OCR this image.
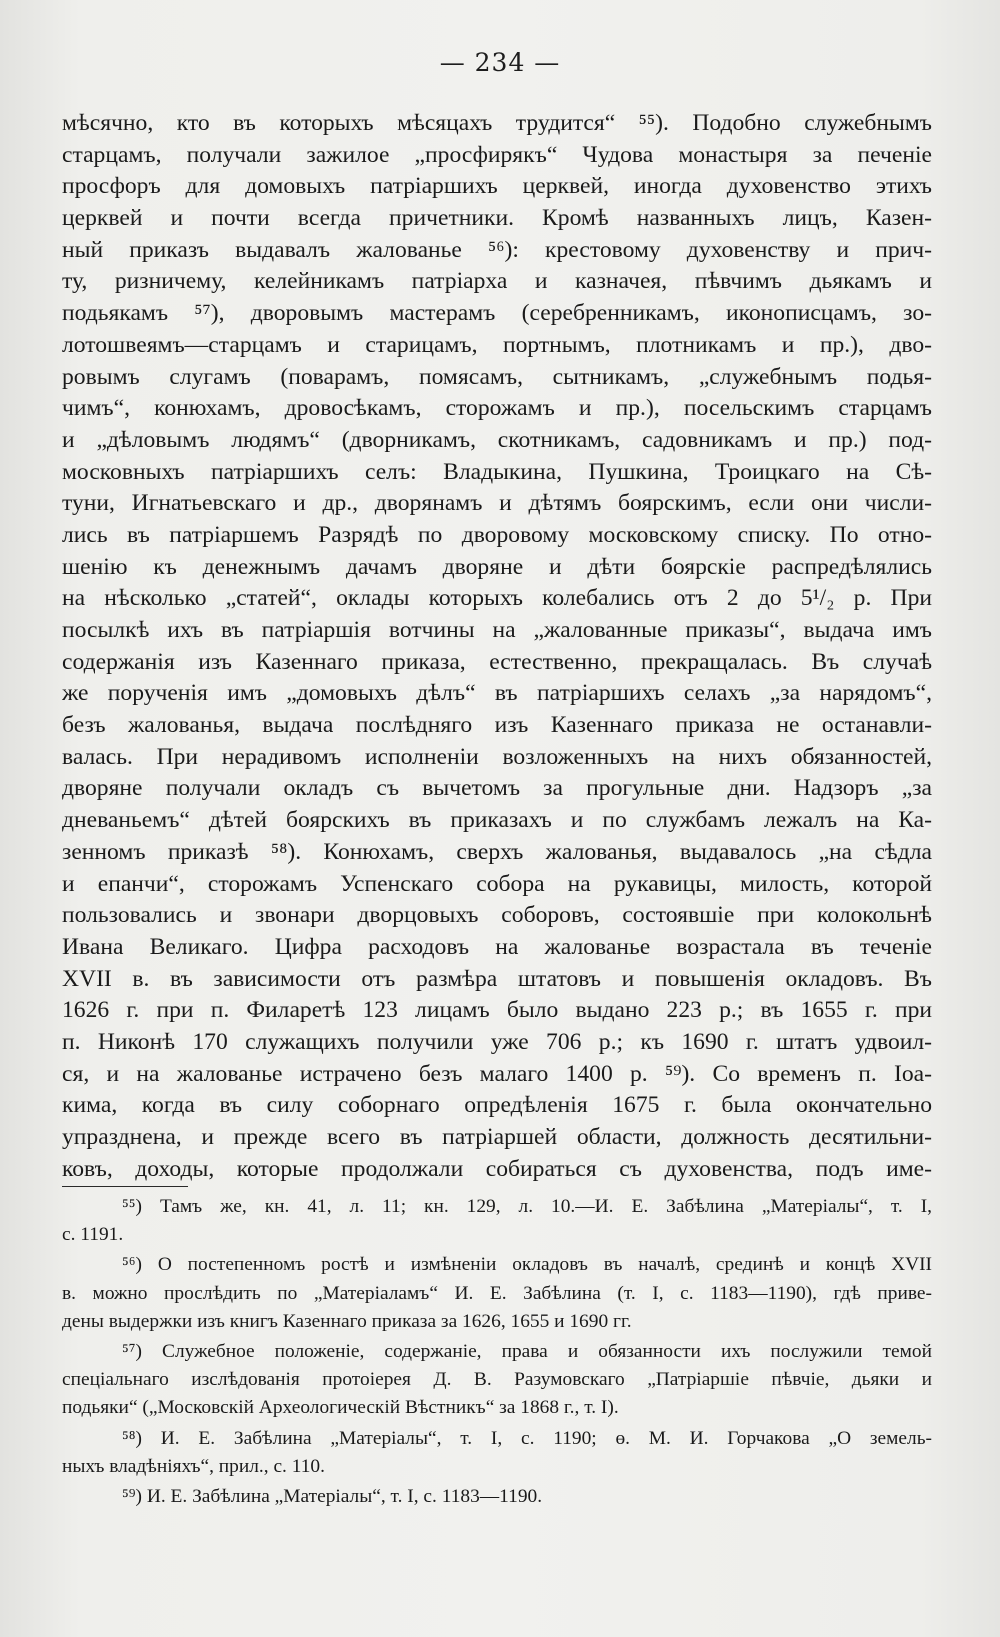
— 234 —
мѣсячно, кто въ которыхъ мѣсяцахъ трудится“ ⁵⁵). Подобно служебнымъ
старцамъ, получали зажилое „просфирякъ“ Чудова монастыря за печеніе
просфоръ для домовыхъ патріаршихъ церквей, иногда духовенство этихъ
церквей и почти всегда причетники. Кромѣ названныхъ лицъ, Казен-
ный приказъ выдавалъ жалованье ⁵⁶): крестовому духовенству и прич-
ту, ризничему, келейникамъ патріарха и казначея, пѣвчимъ дьякамъ и
подьякамъ ⁵⁷), дворовымъ мастерамъ (серебренникамъ, иконописцамъ, зо-
лотошвеямъ—старцамъ и старицамъ, портнымъ, плотникамъ и пр.), дво-
ровымъ слугамъ (поварамъ, помясамъ, сытникамъ, „служебнымъ подья-
чимъ“, конюхамъ, дровосѣкамъ, сторожамъ и пр.), посельскимъ старцамъ
и „дѣловымъ людямъ“ (дворникамъ, скотникамъ, садовникамъ и пр.) под-
московныхъ патріаршихъ селъ: Владыкина, Пушкина, Троицкаго на Сѣ-
туни, Игнатьевскаго и др., дворянамъ и дѣтямъ боярскимъ, если они числи-
лись въ патріаршемъ Разрядѣ по дворовому московскому списку. По отно-
шенію къ денежнымъ дачамъ дворяне и дѣти боярскіе распредѣлялись
на нѣсколько „статей“, оклады которыхъ колебались отъ 2 до 5¹/₂ р. При
посылкѣ ихъ въ патріаршія вотчины на „жалованные приказы“, выдача имъ
содержанія изъ Казеннаго приказа, естественно, прекращалась. Въ случаѣ
же порученія имъ „домовыхъ дѣлъ“ въ патріаршихъ селахъ „за нарядомъ“,
безъ жалованья, выдача послѣдняго изъ Казеннаго приказа не останавли-
валась. При нерадивомъ исполненіи возложенныхъ на нихъ обязанностей,
дворяне получали окладъ съ вычетомъ за прогульные дни. Надзоръ „за
дневаньемъ“ дѣтей боярскихъ въ приказахъ и по службамъ лежалъ на Ка-
зенномъ приказѣ ⁵⁸). Конюхамъ, сверхъ жалованья, выдавалось „на сѣдла
и епанчи“, сторожамъ Успенскаго собора на рукавицы, милость, которой
пользовались и звонари дворцовыхъ соборовъ, состоявшіе при колокольнѣ
Ивана Великаго. Цифра расходовъ на жалованье возрастала въ теченіе
XVII в. въ зависимости отъ размѣра штатовъ и повышенія окладовъ. Въ
1626 г. при п. Филаретѣ 123 лицамъ было выдано 223 р.; въ 1655 г. при
п. Никонѣ 170 служащихъ получили уже 706 р.; къ 1690 г. штатъ удвоил-
ся, и на жалованье истрачено безъ малаго 1400 р. ⁵⁹). Со временъ п. Іоа-
кима, когда въ силу соборнаго опредѣленія 1675 г. была окончательно
упразднена, и прежде всего въ патріаршей области, должность десятильни-
ковъ, доходы, которые продолжали собираться съ духовенства, подъ име-
⁵⁵) Тамъ же, кн. 41, л. 11; кн. 129, л. 10.—И. Е. Забѣлина „Матеріалы“, т. I,
с. 1191.
⁵⁶) О постепенномъ ростѣ и измѣненіи окладовъ въ началѣ, срединѣ и концѣ XVII
в. можно прослѣдить по „Матеріаламъ“ И. Е. Забѣлина (т. I, с. 1183—1190), гдѣ приве-
дены выдержки изъ книгъ Казеннаго приказа за 1626, 1655 и 1690 гг.
⁵⁷) Служебное положеніе, содержаніе, права и обязанности ихъ послужили темой
спеціальнаго изслѣдованія протоіерея Д. В. Разумовскаго „Патріаршіе пѣвчіе, дьяки и
подьяки“ („Московскій Археологическій Вѣстникъ“ за 1868 г., т. I).
⁵⁸) И. Е. Забѣлина „Матеріалы“, т. I, с. 1190; ө. М. И. Горчакова „О земель-
ныхъ владѣніяхъ“, прил., с. 110.
⁵⁹) И. Е. Забѣлина „Матеріалы“, т. I, с. 1183—1190.
